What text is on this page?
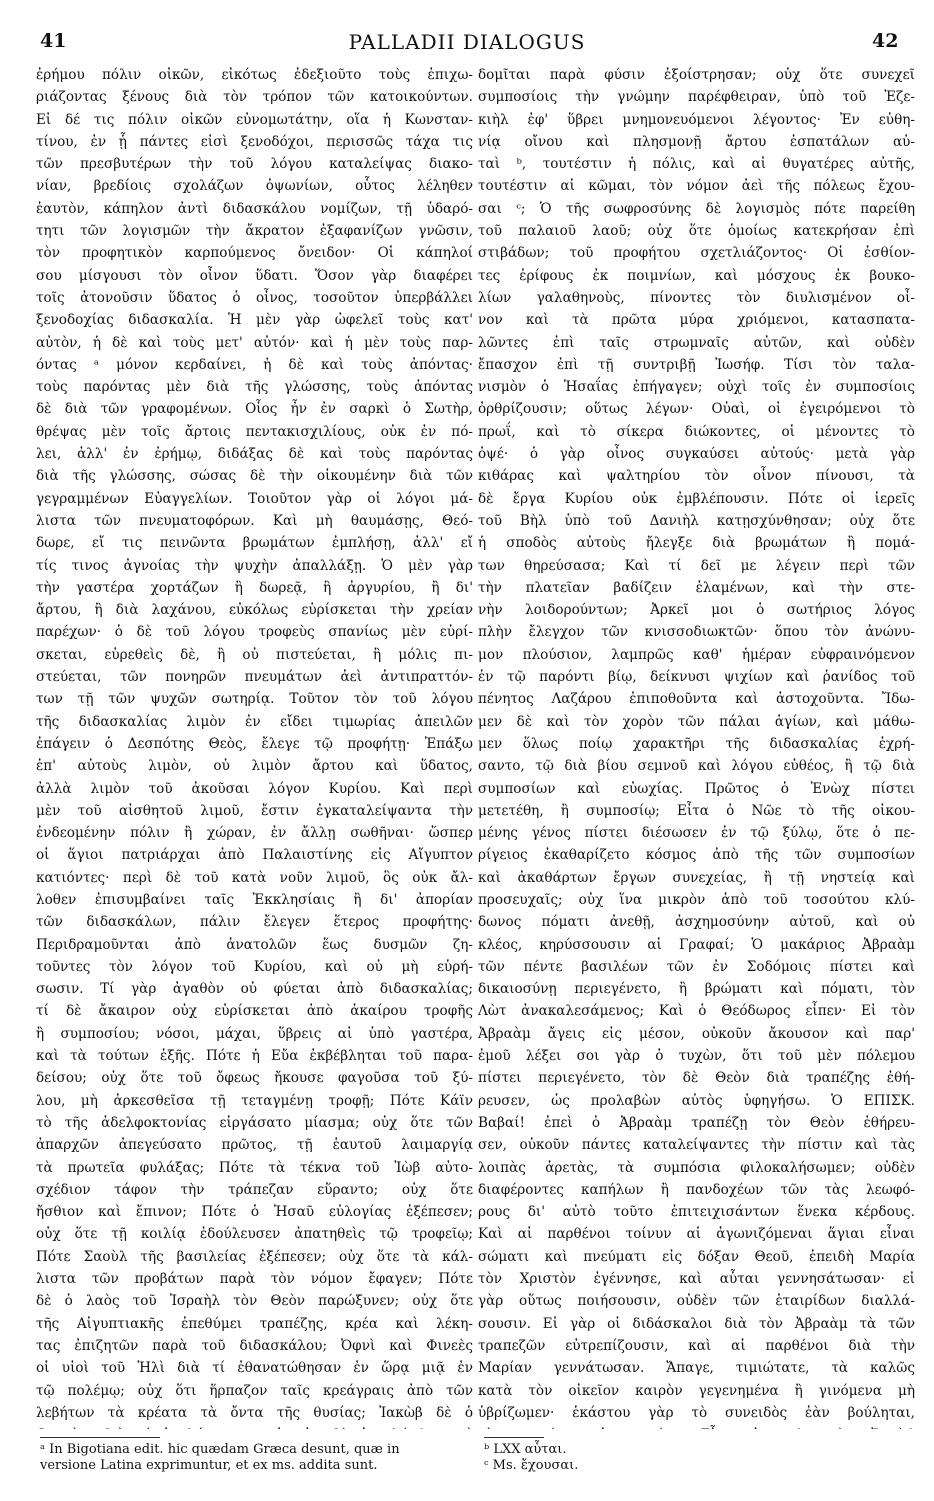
41	PALLADII DIALOGUS	42
ἐρήμου πόλιν οἰκῶν, εἰκότως ἐδεξιοῦτο τοὺς ἐπιχω-
ριάζοντας ξένους διὰ τὸν τρόπον τῶν κατοικούντων.
Εἰ δέ τις πόλιν οἰκῶν εὐνομωτάτην, οἵα ἡ Κωνσταν-
τίνου, ἐν ᾗ πάντες εἰσὶ ξενοδόχοι, περισσῶς τάχα τις
τῶν πρεσβυτέρων τὴν τοῦ λόγου καταλείψας διακο-
νίαν, βρεδίοις σχολάζων ὀψωνίων, οὗτος λέληθεν
ἑαυτὸν, κάπηλον ἀντὶ διδασκάλου νομίζων, τῇ ὑδαρό-
τητι τῶν λογισμῶν τὴν ἄκρατον ἐξαφανίζων γνῶσιν,
τὸν προφητικὸν καρπούμενος ὄνειδον· Οἱ κάπηλοί
σου μίσγουσι τὸν οἶνον ὕδατι. Ὅσον γὰρ διαφέρει
τοῖς ἀτονοῦσιν ὕδατος ὁ οἶνος, τοσοῦτον ὑπερβάλλει
ξενοδοχίας διδασκαλία. Ἡ μὲν γὰρ ὠφελεῖ τοὺς κατ'
αὐτὸν, ἡ δὲ καὶ τοὺς μετ' αὐτόν· καὶ ἡ μὲν τοὺς παρ-
όντας ᵃ μόνον κερδαίνει, ἡ δὲ καὶ τοὺς ἀπόντας·
τοὺς παρόντας μὲν διὰ τῆς γλώσσης, τοὺς ἀπόντας
δὲ διὰ τῶν γραφομένων. Οἷος ἦν ἐν σαρκὶ ὁ Σωτὴρ,
θρέψας μὲν τοῖς ἄρτοις πεντακισχιλίους, οὐκ ἐν πό-
λει, ἀλλ' ἐν ἐρήμῳ, διδάξας δὲ καὶ τοὺς παρόντας
διὰ τῆς γλώσσης, σώσας δὲ τὴν οἰκουμένην διὰ τῶν
γεγραμμένων Εὐαγγελίων. Τοιοῦτον γὰρ οἱ λόγοι μά-
λιστα τῶν πνευματοφόρων. Καὶ μὴ θαυμάσῃς, Θεό-
δωρε, εἴ τις πεινῶντα βρωμάτων ἐμπλήσῃ, ἀλλ' εἴ
τίς τινος ἀγνοίας τὴν ψυχὴν ἀπαλλάξῃ. Ὁ μὲν γὰρ
τὴν γαστέρα χορτάζων ἢ δωρεᾷ, ἢ ἀργυρίου, ἢ δι'
ἄρτου, ἢ διὰ λαχάνου, εὐκόλως εὑρίσκεται τὴν χρείαν
παρέχων· ὁ δὲ τοῦ λόγου τροφεὺς σπανίως μὲν εὑρί-
σκεται, εὑρεθεὶς δὲ, ἢ οὐ πιστεύεται, ἢ μόλις πι-
στεύεται, τῶν πονηρῶν πνευμάτων ἀεὶ ἀντιπραττόν-
των τῇ τῶν ψυχῶν σωτηρίᾳ. Τοῦτον τὸν τοῦ λόγου
τῆς διδασκαλίας λιμὸν ἐν εἴδει τιμωρίας ἀπειλῶν
ἐπάγειν ὁ Δεσπότης Θεὸς, ἔλεγε τῷ προφήτῃ· Ἐπάξω
ἐπ' αὐτοὺς λιμὸν, οὐ λιμὸν ἄρτου καὶ ὕδατος,
ἀλλὰ λιμὸν τοῦ ἀκοῦσαι λόγον Κυρίου. Καὶ περὶ
μὲν τοῦ αἰσθητοῦ λιμοῦ, ἔστιν ἐγκαταλείψαντα τὴν
ἐνδεομένην πόλιν ἢ χώραν, ἐν ἄλλῃ σωθῆναι· ὥσπερ
οἱ ἅγιοι πατριάρχαι ἀπὸ Παλαιστίνης εἰς Αἴγυπτον
κατιόντες· περὶ δὲ τοῦ κατὰ νοῦν λιμοῦ, ὃς οὐκ ἄλ-
λοθεν ἐπισυμβαίνει ταῖς Ἐκκλησίαις ἢ δι' ἀπορίαν
τῶν διδασκάλων, πάλιν ἔλεγεν ἕτερος προφήτης·
Περιδραμοῦνται ἀπὸ ἀνατολῶν ἕως δυσμῶν ζη-
τοῦντες τὸν λόγον τοῦ Κυρίου, καὶ οὐ μὴ εὑρή-
σωσιν. Τί γὰρ ἀγαθὸν οὐ φύεται ἀπὸ διδασκαλίας;
τί δὲ ἄκαιρον οὐχ εὑρίσκεται ἀπὸ ἀκαίρου τροφῆς
ἢ συμποσίου; νόσοι, μάχαι, ὕβρεις αἱ ὑπὸ γαστέρα,
καὶ τὰ τούτων ἑξῆς. Πότε ἡ Εὔα ἐκβέβληται τοῦ παρα-
δείσου; οὐχ ὅτε τοῦ ὄφεως ἤκουσε φαγοῦσα τοῦ ξύ-
λου, μὴ ἀρκεσθεῖσα τῇ τεταγμένῃ τροφῇ; Πότε Κάϊν
τὸ τῆς ἀδελφοκτονίας εἰργάσατο μίασμα; οὐχ ὅτε τῶν
ἀπαρχῶν ἀπεγεύσατο πρῶτος, τῇ ἑαυτοῦ λαιμαργίᾳ
τὰ πρωτεῖα φυλάξας; Πότε τὰ τέκνα τοῦ Ἰὼβ αὐτο-
σχέδιον τάφον τὴν τράπεζαν εὕραντο; οὐχ ὅτε
ἤσθιον καὶ ἔπινον; Πότε ὁ Ἠσαῦ εὐλογίας ἐξέπεσεν;
οὐχ ὅτε τῇ κοιλίᾳ ἐδούλευσεν ἀπατηθεὶς τῷ τροφεῖῳ;
Πότε Σαοὺλ τῆς βασιλείας ἐξέπεσεν; οὐχ ὅτε τὰ κάλ-
λιστα τῶν προβάτων παρὰ τὸν νόμον ἔφαγεν; Πότε
δὲ ὁ λαὸς τοῦ Ἰσραὴλ τὸν Θεὸν παρώξυνεν; οὐχ ὅτε
τῆς Αἰγυπτιακῆς ἐπεθύμει τραπέζης, κρέα καὶ λέκη-
τας ἐπιζητῶν παρὰ τοῦ διδασκάλου; Ὀφνὶ καὶ Φινεὲς
οἱ υἱοὶ τοῦ Ἡλὶ διὰ τί ἐθανατώθησαν ἐν ὥρᾳ μιᾷ ἐν
τῷ πολέμῳ; οὐχ ὅτι ἥρπαζον ταῖς κρεάγραις ἀπὸ τῶν
λεβήτων τὰ κρέατα τὰ ὄντα τῆς θυσίας; Ἰακὼβ δὲ ὁ
δομῖται παρὰ φύσιν ἐξοίστρησαν; οὐχ ὅτε συνεχεῖ
συμποσίοις τὴν γνώμην παρέφθειραν, ὑπὸ τοῦ Ἐζε-
κιὴλ ἐφ' ὕβρει μνημονευόμενοι λέγοντος· Ἐν εὐθη-
νίᾳ οἴνου καὶ πλησμονῇ ἄρτου ἐσπατάλων αὐ-
ταὶ ᵇ, τουτέστιν ἡ πόλις, καὶ αἱ θυγατέρες αὐτῆς,
τουτέστιν αἱ κῶμαι, τὸν νόμον ἀεὶ τῆς πόλεως ἔχου-
σαι ᶜ; Ὁ τῆς σωφροσύνης δὲ λογισμὸς πότε παρείθη
τοῦ παλαιοῦ λαοῦ; οὐχ ὅτε ὁμοίως κατεκρήσαν ἐπὶ
στιβάδων; τοῦ προφήτου σχετλιάζοντος· Οἱ ἐσθίον-
τες ἐρίφους ἐκ ποιμνίων, καὶ μόσχους ἐκ βουκο-
λίων γαλαθηνοὺς, πίνοντες τὸν διυλισμένον οἶ-
νον καὶ τὰ πρῶτα μύρα χριόμενοι, κατασπατα-
λῶντες ἐπὶ ταῖς στρωμναῖς αὐτῶν, καὶ οὐδὲν
ἔπασχον ἐπὶ τῇ συντριβῇ Ἰωσήφ. Τίσι τὸν ταλα-
νισμὸν ὁ Ἡσαΐας ἐπήγαγεν; οὐχὶ τοῖς ἐν συμποσίοις
ὀρθρίζουσιν; οὕτως λέγων· Οὐαὶ, οἱ ἐγειρόμενοι τὸ
πρωΐ, καὶ τὸ σίκερα διώκοντες, οἱ μένοντες τὸ
ὀψέ· ὁ γὰρ οἶνος συγκαύσει αὐτούς· μετὰ γὰρ
κιθάρας καὶ ψαλτηρίου τὸν οἶνον πίνουσι, τὰ
δὲ ἔργα Κυρίου οὐκ ἐμβλέπουσιν. Πότε οἱ ἱερεῖς
τοῦ Βὴλ ὑπὸ τοῦ Δανιὴλ κατῃσχύνθησαν; οὐχ ὅτε
ἡ σποδὸς αὐτοὺς ἤλεγξε διὰ βρωμάτων ἢ πομά-
των θηρεύσασα; Καὶ τί δεῖ με λέγειν περὶ τῶν
τὴν πλατεῖαν βαδίζειν ἐλαμένων, καὶ τὴν στε-
νὴν λοιδορούντων; Ἀρκεῖ μοι ὁ σωτήριος λόγος
πλὴν ἔλεγχον τῶν κνισσοδιωκτῶν· ὅπου τὸν ἀνώνυ-
μον πλούσιον, λαμπρῶς καθ' ἡμέραν εὐφραινόμενον
ἐν τῷ παρόντι βίῳ, δείκνυσι ψιχίων καὶ ῥανίδος τοῦ
πένητος Λαζάρου ἐπιποθοῦντα καὶ ἀστοχοῦντα. Ἴδω-
μεν δὲ καὶ τὸν χορὸν τῶν πάλαι ἁγίων, καὶ μάθω-
μεν ὅλως ποίῳ χαρακτῆρι τῆς διδασκαλίας ἐχρή-
σαντο, τῷ διὰ βίου σεμνοῦ καὶ λόγου εὐθέος, ἢ τῷ διὰ
συμποσίων καὶ εὐωχίας. Πρῶτος ὁ Ἐνὼχ πίστει
μετετέθη, ἢ συμποσίῳ; Εἶτα ὁ Νῶε τὸ τῆς οἰκου-
μένης γένος πίστει διέσωσεν ἐν τῷ ξύλῳ, ὅτε ὁ πε-
ρίγειος ἐκαθαρίζετο κόσμος ἀπὸ τῆς τῶν συμποσίων
καὶ ἀκαθάρτων ἔργων συνεχείας, ἢ τῇ νηστείᾳ καὶ
προσευχαῖς; οὐχ ἵνα μικρὸν ἀπὸ τοῦ τοσούτου κλύ-
δωνος πόματι ἀνεθῇ, ἀσχημοσύνην αὐτοῦ, καὶ οὐ
κλέος, κηρύσσουσιν αἱ Γραφαί; Ὁ μακάριος Ἀβραὰμ
τῶν πέντε βασιλέων τῶν ἐν Σοδόμοις πίστει καὶ
δικαιοσύνῃ περιεγένετο, ἢ βρώματι καὶ πόματι, τὸν
Λὼτ ἀνακαλεσάμενος; Καὶ ὁ Θεόδωρος εἶπεν· Εἰ τὸν
Ἀβραὰμ ἄγεις εἰς μέσον, οὐκοῦν ἄκουσον καὶ παρ'
ἐμοῦ λέξει σοι γὰρ ὁ τυχὼν, ὅτι τοῦ μὲν πόλεμου
πίστει περιεγένετο, τὸν δὲ Θεὸν διὰ τραπέζης ἐθή-
ρευσεν, ὡς προλαβὼν αὐτὸς ὑφηγήσω. Ὁ ΕΠΙΣΚ.
Βαβαί! ἐπεὶ ὁ Ἀβραὰμ τραπέζῃ τὸν Θεὸν ἐθήρευ-
σεν, οὐκοῦν πάντες καταλείψαντες τὴν πίστιν καὶ τὰς
λοιπὰς ἀρετὰς, τὰ συμπόσια φιλοκαλήσωμεν; οὐδὲν
διαφέροντες καπήλων ἢ πανδοχέων τῶν τὰς λεωφό-
ρους δι' αὐτὸ τοῦτο ἐπιτειχισάντων ἕνεκα κέρδους.
Καὶ αἱ παρθένοι τοίνυν αἱ ἀγωνιζόμεναι ἅγιαι εἶναι
σώματι καὶ πνεύματι εἰς δόξαν Θεοῦ, ἐπειδὴ Μαρία
τὸν Χριστὸν ἐγέννησε, καὶ αὗται γεννησάτωσαν· εἰ
γὰρ οὕτως ποιήσουσιν, οὐδὲν τῶν ἑταιρίδων διαλλά-
σουσιν. Εἰ γὰρ οἱ διδάσκαλοι διὰ τὸν Ἀβραὰμ τὰ τῶν
τραπεζῶν εὐτρεπίζουσιν, καὶ αἱ παρθένοι διὰ τὴν
Μαρίαν γεννάτωσαν. Ἄπαγε, τιμιώτατε, τὰ καλῶς
κατὰ τὸν οἰκεῖον καιρὸν γεγενημένα ἢ γινόμενα μὴ
ὑβρίζωμεν· ἑκάστου γὰρ τὸ συνειδὸς ἐὰν βούληται,
ᵃ In Bigotiana edit. hic quædam Græca desunt, quæ in
versione Latina exprimuntur, et ex ms. addita sunt.
ᵇ LXX αὗται.
ᶜ Ms. ἔχουσαι.
